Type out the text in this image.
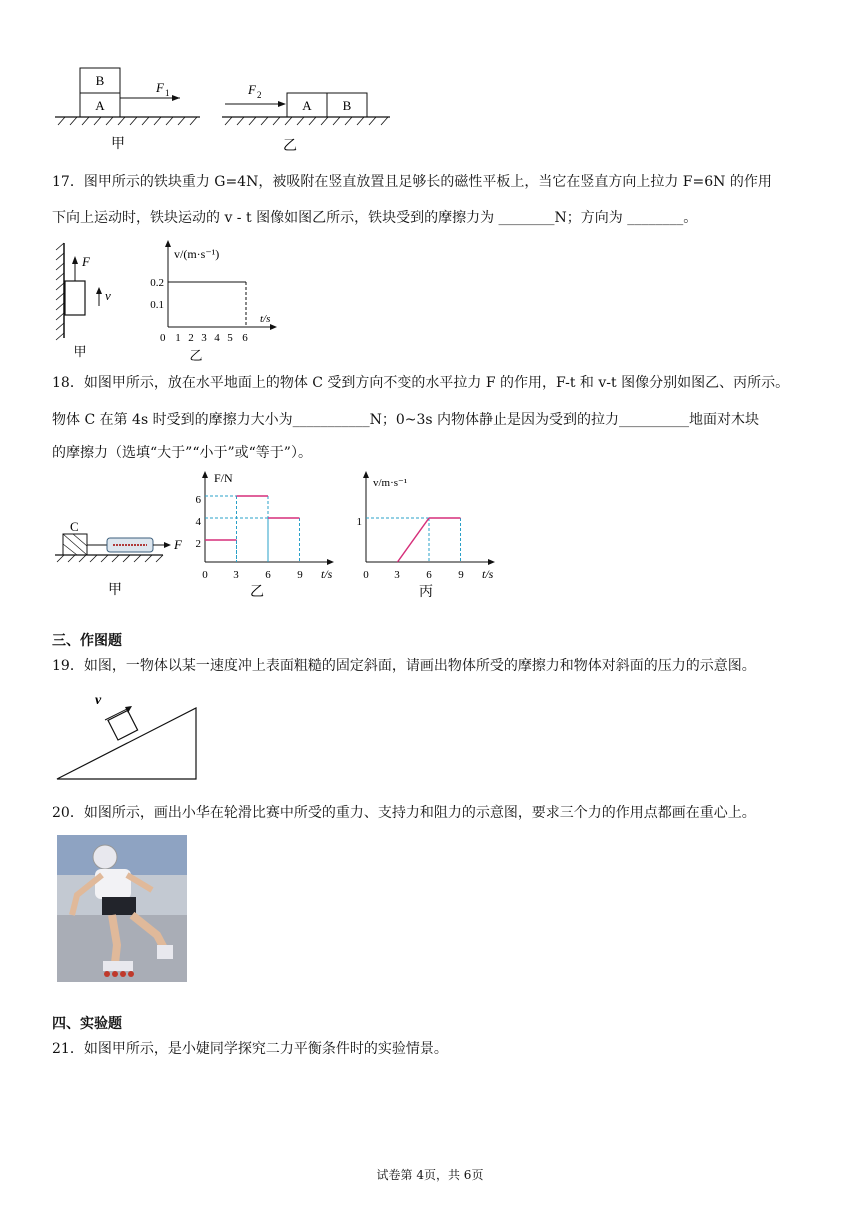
B
A
F 1
甲
F 2
A B
乙
17．图甲所示的铁块重力 G=4N，被吸附在竖直放置且足够长的磁性平板上，当它在竖直方向上拉力 F=6N 的作用
下向上运动时，铁块运动的 v - t 图像如图乙所示，铁块受到的摩擦力为 ________N；方向为 ________。
F
v
甲
v/(m·s⁻¹)
t/s
0.2
0.1
0 1 2 3 4 5 6
乙
18．如图甲所示，放在水平地面上的物体 C 受到方向不变的水平拉力 F 的作用，F-t 和 v-t 图像分别如图乙、丙所示。
物体 C 在第 4s 时受到的摩擦力大小为___________N；0~3s 内物体静止是因为受到的拉力__________地面对木块
的摩擦力（选填“大于”“小于”或“等于”）。
C
F
甲
F/N
t/s
6
4
2
0 3 6 9
乙
v/m·s⁻¹
t/s
1
0 3 6 9
丙
三、作图题
19．如图，一物体以某一速度冲上表面粗糙的固定斜面，请画出物体所受的摩擦力和物体对斜面的压力的示意图。
v
20．如图所示，画出小华在轮滑比赛中所受的重力、支持力和阻力的示意图，要求三个力的作用点都画在重心上。
四、实验题
21．如图甲所示，是小婕同学探究二力平衡条件时的实验情景。
试卷第 4页，共 6页
